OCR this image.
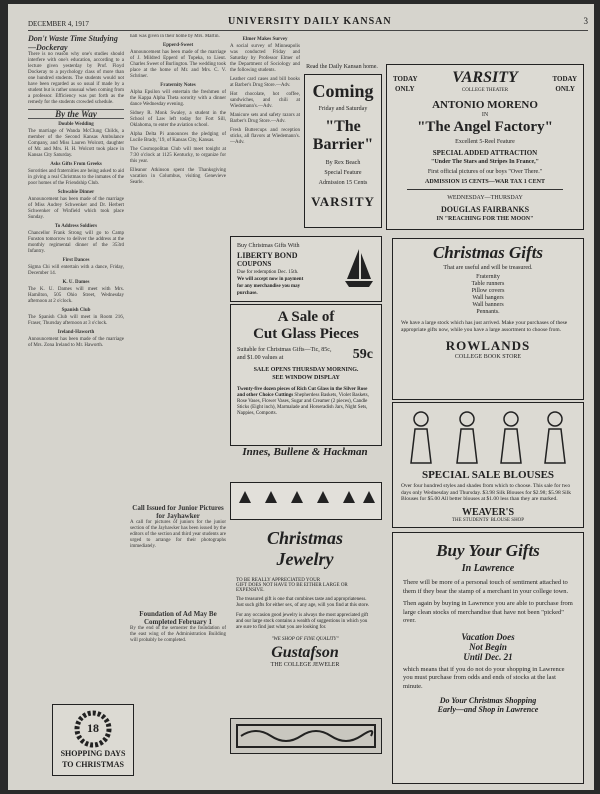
DECEMBER 4, 1917	UNIVERSITY DAILY KANSAN	3
Don't Waste Time Studying—Dockeray

There is no reason why one's studies should interfere with one's education, according to a lecture given yesterday by Prof. Floyd Dockeray to a psychology class of more than one hundred students. The students would not have been regarded as so usual if made by a student but is rather unusual when coming from a professor. Efficiency was put forth as the remedy for the students crowded schedule.

By the Way
Double Wedding

The marriage of Wanda McClung Childs, a member of the Second Kansas Ambulance Company, and Miss Lauren Wolcott, daughter of Mr. and Mrs. H. H. Wolcott took place in Kansas City Saturday.

Asks Gifts From Greeks

Sororities and fraternities are being asked to aid in giving a real Christmas to the inmates of the poor homes of the Friendship Club.

Schwabie Dinner

Announcement has been made of the marriage of Miss Audrey Schwenker and Dr. Herbert Schwenker of Winfield which took place Sunday.

To Address Soldiers

Chancellor Frank Strong will go to Camp Funston tomorrow to deliver the address at the monthly regimental dinner of the 353rd Infantry.

First Dances

Sigma Chi will entertain with a dance, Friday, December 14.

K. U. Dames

The K. U. Dames will meet with Mrs. Hamilton, 505 Ohio Street, Wednesday afternoon at 2 o'clock.

Spanish Club

The Spanish Club will meet in Room 216, Fraser, Thursday afternoon at 3 o'clock.

Ireland-Haworth

Announcement has been made of the marriage of Mrs. Zona Ireland to Mr. Haworth.

18
SHOPPING DAYS
TO CHRISTMAS

hall was given in their home by Mrs. Martin.

Epperd-Sweet

Announcement has been made of the marriage of J. Mildred Epperd of Topeka, to Lieut. Charles Sweet of Burlington. The wedding took place at the home of Mr. and Mrs. C. V. Schriner.

Fraternity Notes

Alpha Epsilon will entertain the freshmen of the Kappa Alpha Theta sorority with a dinner dance Wednesday evening.

Sidney R. Monk Swaley, a student in the School of Law left today for Fort Sill, Oklahoma, to enter the aviation school.

Alpha Delta Pi announces the pledging of Lucile Brady, '19, of Kansas City, Kansas.

The Cosmopolitan Club will meet tonight at 7:30 o'clock at 1125 Kentucky, to organize for this year.

Elleanor Atkinson spent the Thanksgiving vacation in Columbus, visiting Genevieve Searle.

Call Issued for Junior Pictures for Jayhawker

A call for pictures of juniors for the junior section of the Jayhawker has been issued by the editors of the section and third year students are urged to arrange for their photographs immediately.

Foundation of Ad May Be Completed February 1

By the end of the semester the foundation of the east wing of the Administration Building will probably be completed.

Elmer Makes Survey

A social survey of Minneapolis was conducted Friday and Saturday by Professor Elmer of the Department of Sociology and the following students.

Leather card cases and bill books at Barber's Drug Store.—Adv.

Hot chocolate, hot coffee, sandwiches, and chili at Wiedemann's.—Adv.

Manicure sets and safety razors at Barber's Drug Store.—Adv.

Fresh Buttercups and reception sticks, all flavors at Wiedemann's.—Adv.

Read the Daily Kansan home.
Coming
Friday and Saturday
"The Barrier"
By Rex Beach
Special Feature
Admission 15 Cents
VARSITY
TODAY
ONLY
VARSITY
COLLEGE THEATER
TODAY
ONLY
ANTONIO MORENO
IN
"The Angel Factory"
Excellent 5-Reel Feature
SPECIAL ADDED ATTRACTION
"Under The Stars and Stripes In France,"
First official pictures of our boys "Over There."
ADMISSION 15 CENTS—WAR TAX 1 CENT
WEDNESDAY—THURSDAY
DOUGLAS FAIRBANKS
IN "REACHING FOR THE MOON"
Buy Christmas Gifts With
LIBERTY BOND
COUPONS
Due for redemption Dec. 15th.
We will accept now in payment
for any merchandise you may
purchase.
A Sale of
Cut Glass Pieces
Suitable for Christmas Gifts—Tic, 85c,
and $1.00 values at	59c
SALE OPENS THURSDAY MORNING.
SEE WINDOW DISPLAY
Twenty-five dozen pieces of Rich Cut Glass in the Silver Rose and other Choice Cuttings Shepherdess Baskets, Violet Baskets, Rose Vases, Flower Vases, Sugar and Creamer (2 pieces), Candle Sticks (Eight inch), Marmalade and Horseradish Jars, Night Sets, Nappies, Comports.
Innes, Bullene & Hackman
Christmas
Jewelry
TO BE REALLY APPRECIATED YOUR
GIFT DOES NOT HAVE TO BE EITHER LARGE OR EXPENSIVE.
The treasured gift is one that combines taste and appropriateness. Just such gifts for either sex, of any age, will you find at this store.
For any occasion good jewelry is always the most appreciated gift and our large stock contains a wealth of suggestions in which you are sure to find just what you are looking for.
"WE SHOP OF FINE QUALITY"
Gustafson
THE COLLEGE JEWELER
Christmas Gifts
That are useful and will be treasured.
Fraternity
Table runners
Pillow covers
Wall hangers
Wall banners
Pennants.
We have a large stock which has just arrived. Make your purchases of these appropriate gifts now, while you have a large assortment to choose from.
ROWLANDS
COLLEGE BOOK STORE
SPECIAL SALE BLOUSES
Over four hundred styles and shades from which to choose. This sale for two days only Wednesday and Thursday. $3.98 Silk Blouses for $2.98; $5.98 Silk Blouses for $5.00 All better blouses at $1.00 less than they are marked.
WEAVER'S
THE STUDENTS' BLOUSE SHOP
Buy Your Gifts
In Lawrence
There will be more of a personal touch of sentiment attached to them if they bear the stamp of a merchant in your college town.
Then again by buying in Lawrence you are able to purchase from large clean stocks of merchandise that have not been "picked" over.
Vacation Does
Not Begin
Until Dec. 21
which means that if you do not do your shopping in Lawrence you must purchase from odds and ends of stocks at the last minute.
Do Your Christmas Shopping
Early—and Shop in Lawrence
